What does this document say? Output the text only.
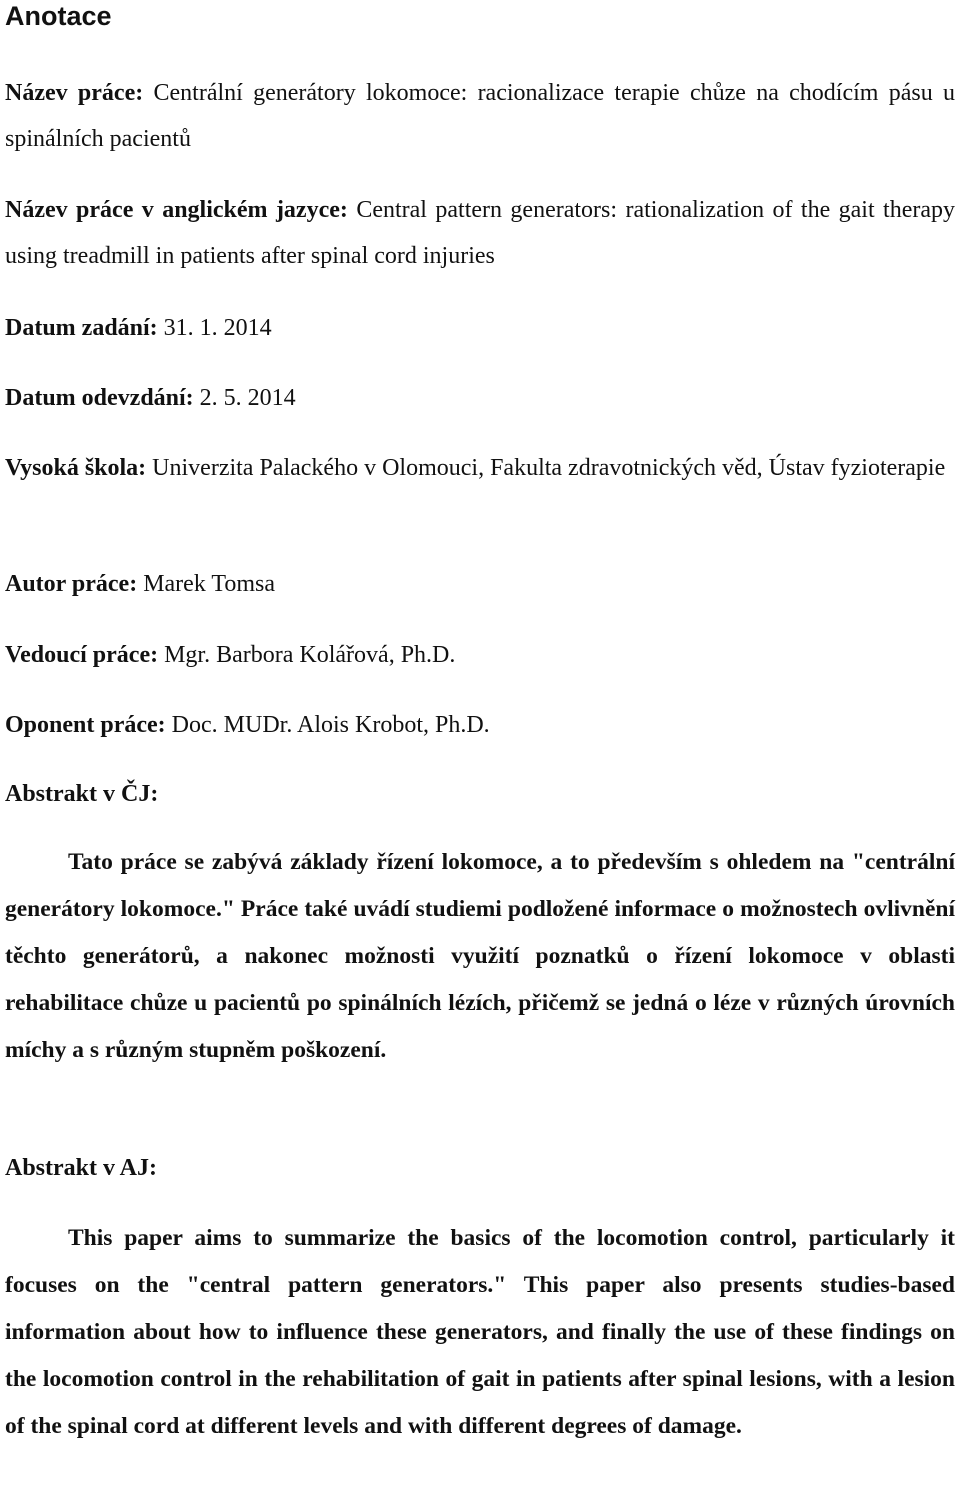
Anotace
Název práce: Centrální generátory lokomoce: racionalizace terapie chůze na chodícím pásu u spinálních pacientů
Název práce v anglickém jazyce: Central pattern generators: rationalization of the gait therapy using treadmill in patients after spinal cord injuries
Datum zadání: 31. 1. 2014
Datum odevzdání: 2. 5. 2014
Vysoká škola: Univerzita Palackého v Olomouci, Fakulta zdravotnických věd, Ústav fyzioterapie
Autor práce: Marek Tomsa
Vedoucí práce: Mgr. Barbora Kolářová, Ph.D.
Oponent práce: Doc. MUDr. Alois Krobot, Ph.D.
Abstrakt v ČJ:
Tato práce se zabývá základy řízení lokomoce, a to především s ohledem na "centrální generátory lokomoce." Práce také uvádí studiemi podložené informace o možnostech ovlivnění těchto generátorů, a nakonec možnosti využití poznatků o řízení lokomoce v oblasti rehabilitace chůze u pacientů po spinálních lézích, přičemž se jedná o léze v různých úrovních míchy a s různým stupněm poškození.
Abstrakt v AJ:
This paper aims to summarize the basics of the locomotion control, particularly it focuses on the "central pattern generators." This paper also presents studies-based information about how to influence these generators, and finally the use of these findings on the locomotion control in the rehabilitation of gait in patients after spinal lesions, with a lesion of the spinal cord at different levels and with different degrees of damage.
